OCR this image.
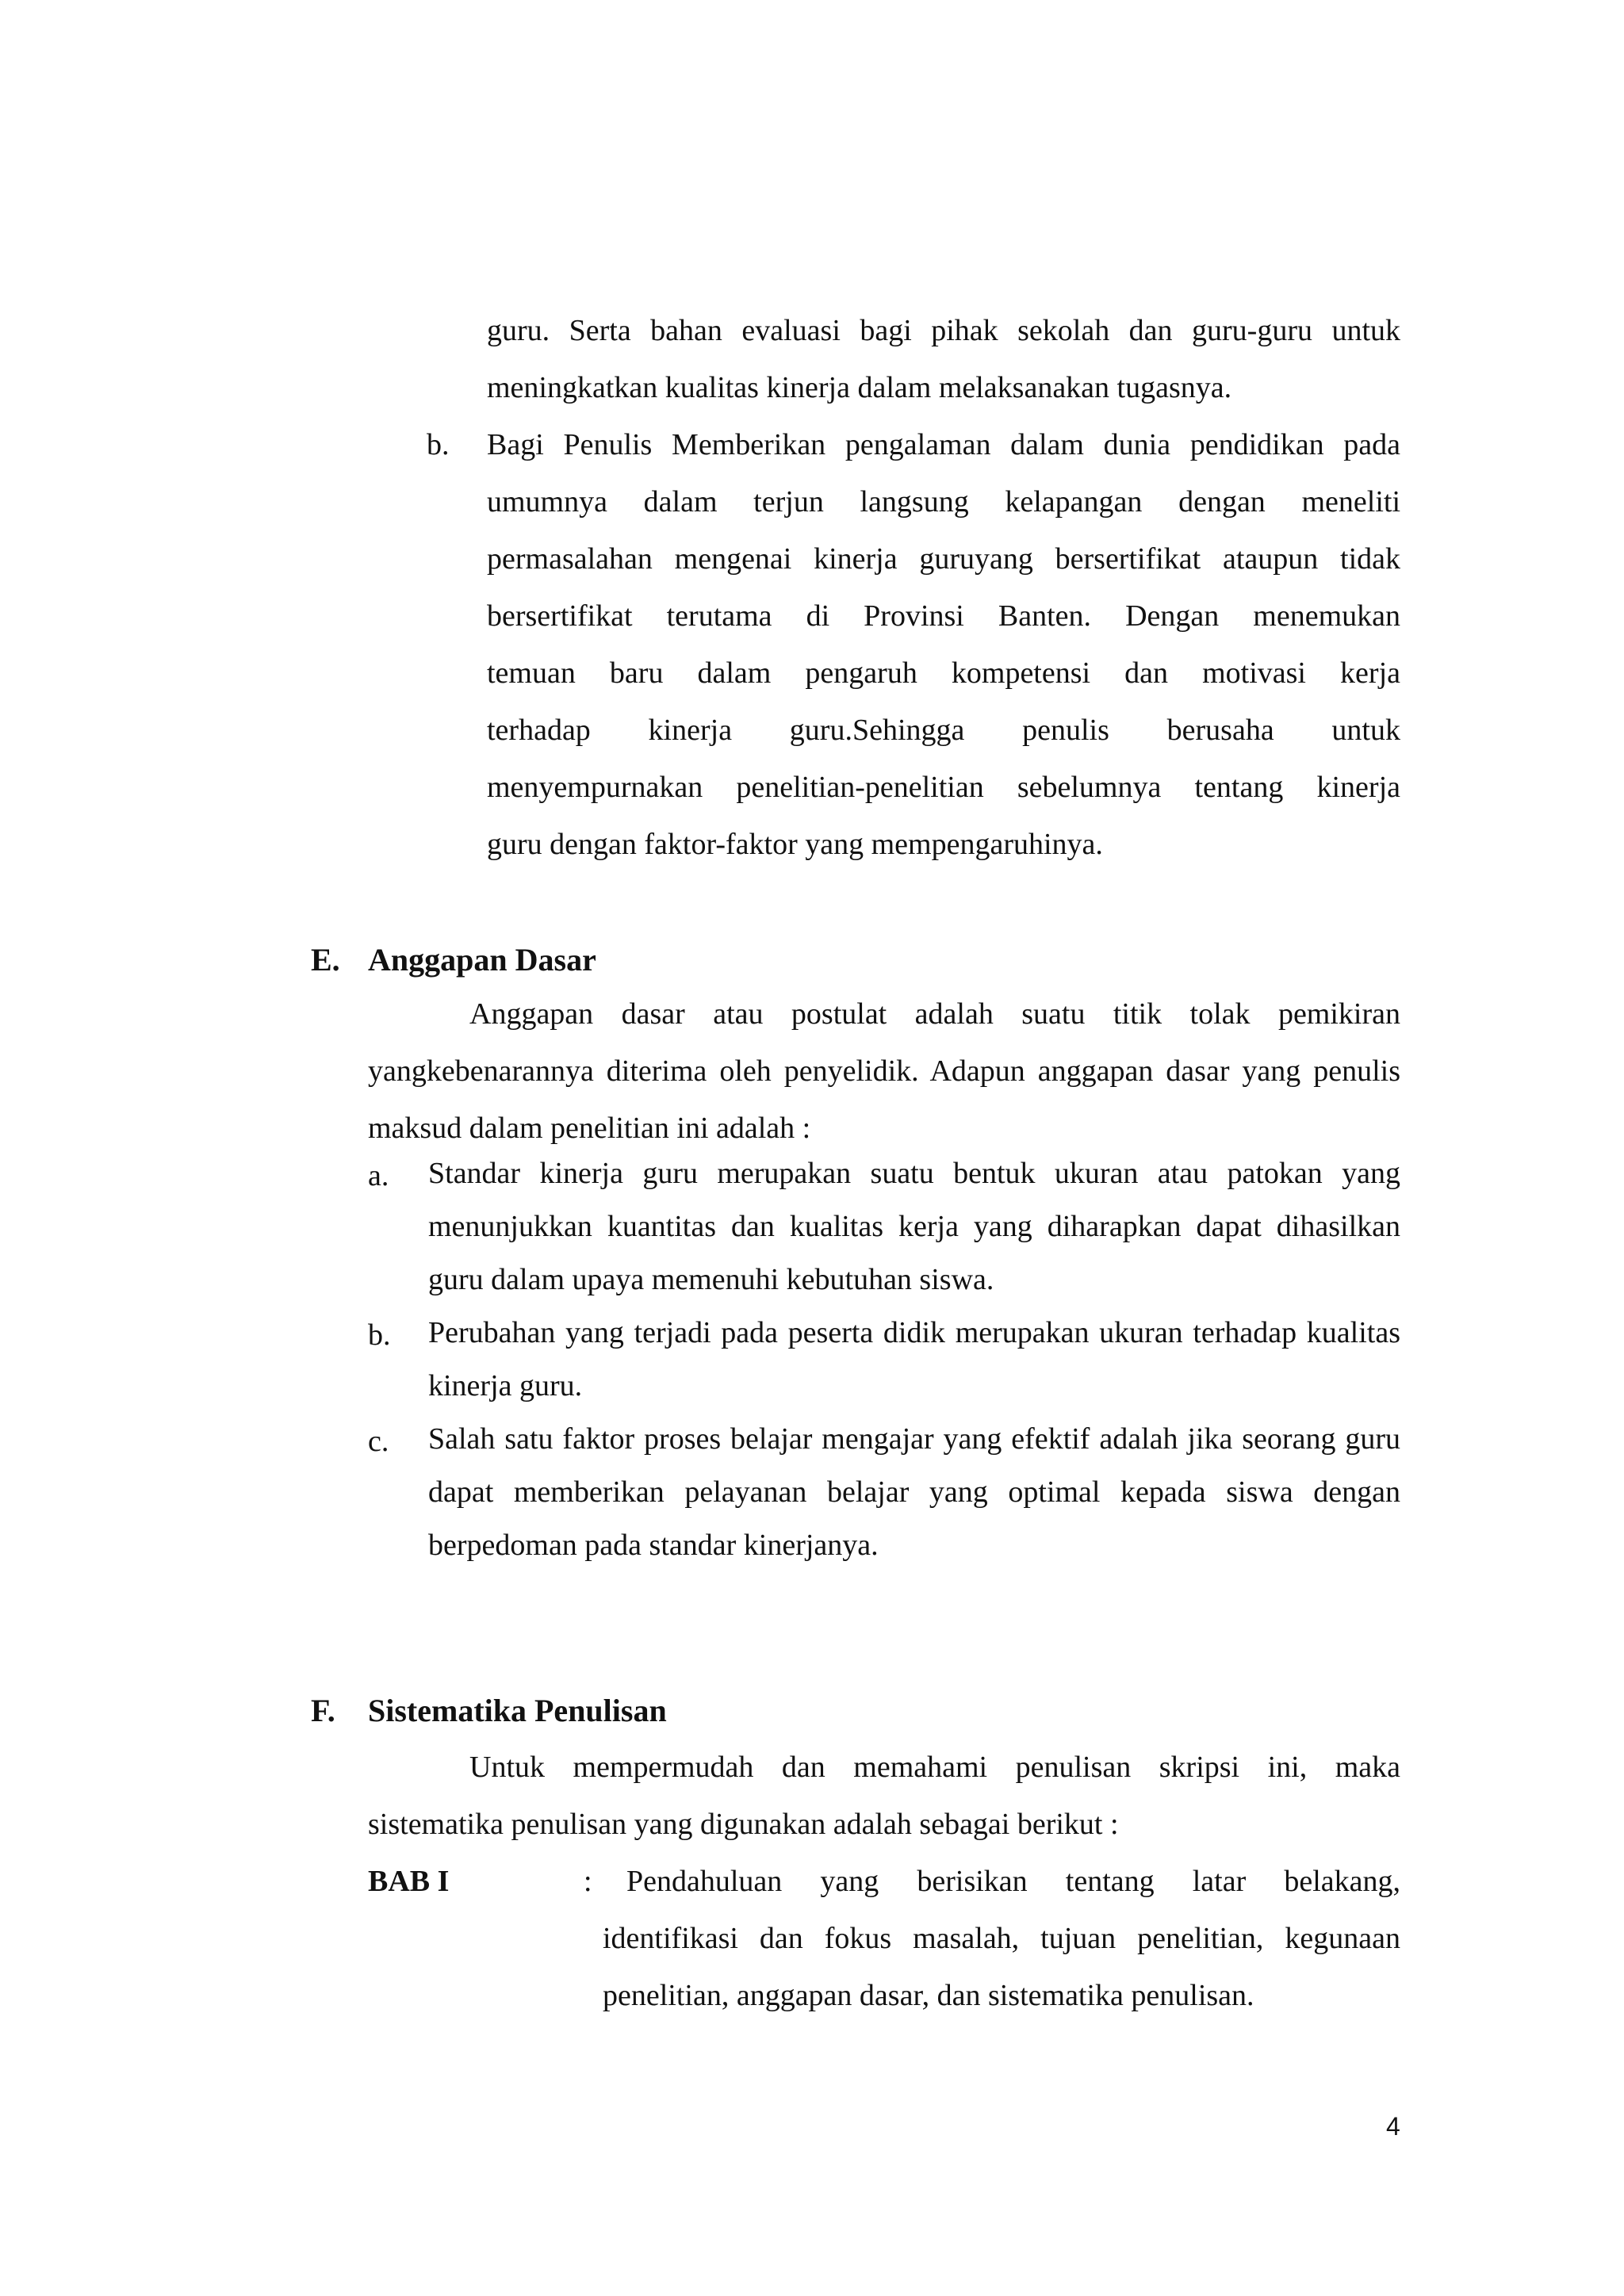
guru. Serta bahan evaluasi bagi pihak sekolah dan guru-guru untuk
meningkatkan kualitas kinerja dalam melaksanakan tugasnya.
b. Bagi Penulis Memberikan pengalaman dalam dunia pendidikan pada
umumnya dalam terjun langsung kelapangan dengan meneliti
permasalahan mengenai kinerja guruyang bersertifikat ataupun tidak
bersertifikat terutama di Provinsi Banten. Dengan menemukan
temuan baru dalam pengaruh kompetensi dan motivasi kerja
terhadap kinerja guru.Sehingga penulis berusaha untuk
menyempurnakan penelitian-penelitian sebelumnya tentang kinerja
guru dengan faktor-faktor yang mempengaruhinya.
E. Anggapan Dasar
Anggapan dasar atau postulat adalah suatu titik tolak pemikiran
yangkebenarannya diterima oleh penyelidik. Adapun anggapan dasar yang penulis
maksud dalam penelitian ini adalah :
a. Standar kinerja guru merupakan suatu bentuk ukuran atau patokan yang
menunjukkan kuantitas dan kualitas kerja yang diharapkan dapat dihasilkan
guru dalam upaya memenuhi kebutuhan siswa.
b. Perubahan yang terjadi pada peserta didik merupakan ukuran terhadap kualitas
kinerja guru.
c. Salah satu faktor proses belajar mengajar yang efektif adalah jika seorang guru
dapat memberikan pelayanan belajar yang optimal kepada siswa dengan
berpedoman pada standar kinerjanya.
F. Sistematika Penulisan
Untuk mempermudah dan memahami penulisan skripsi ini, maka
sistematika penulisan yang digunakan adalah sebagai berikut :
BAB I	:	Pendahuluan yang berisikan tentang latar belakang,
identifikasi dan fokus masalah, tujuan penelitian, kegunaan
penelitian, anggapan dasar, dan sistematika penulisan.
4
